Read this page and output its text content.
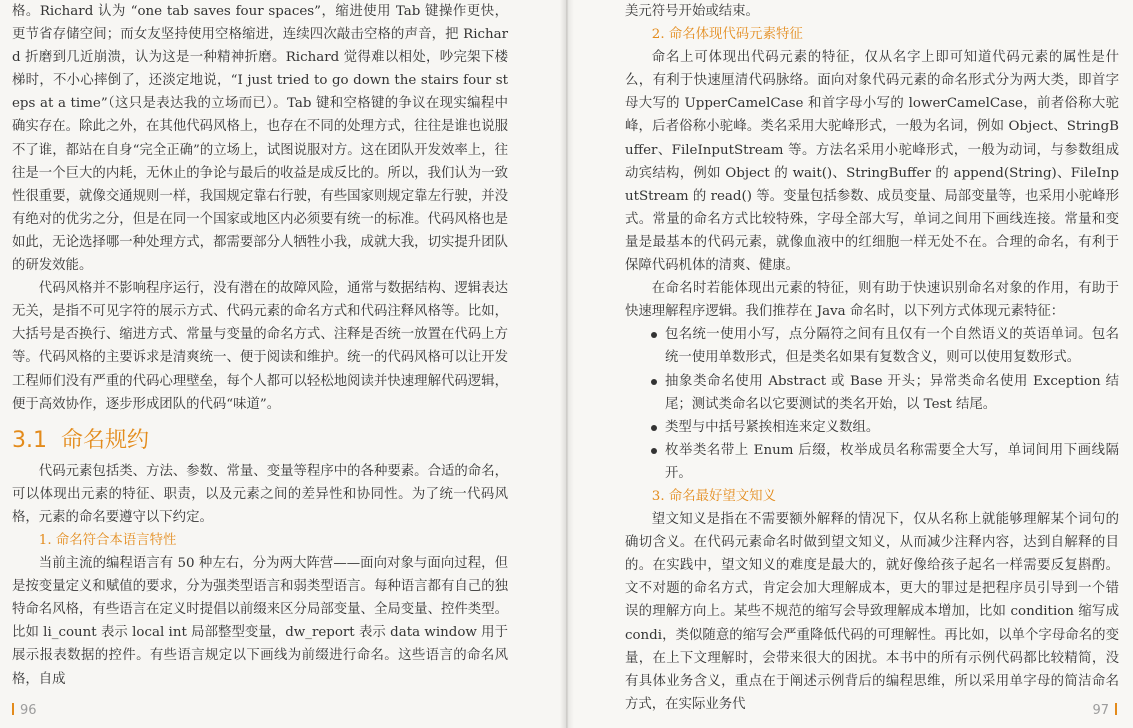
格。Richard 认为 “one tab saves four spaces”，缩进使用 Tab 键操作更快，更节省存储空间；而女友坚持使用空格缩进，连续四次敲击空格的声音，把 Richard 折磨到几近崩溃，认为这是一种精神折磨。Richard 觉得难以相处，吵完架下楼梯时，不小心摔倒了，还淡定地说，“I just tried to go down the stairs four steps at a time”（这只是表达我的立场而已）。Tab 键和空格键的争议在现实编程中确实存在。除此之外，在其他代码风格上，也存在不同的处理方式，往往是谁也说服不了谁，都站在自身“完全正确”的立场上，试图说服对方。这在团队开发效率上，往往是一个巨大的内耗，无休止的争论与最后的收益是成反比的。所以，我们认为一致性很重要，就像交通规则一样，我国规定靠右行驶，有些国家则规定靠左行驶，并没有绝对的优劣之分，但是在同一个国家或地区内必须要有统一的标准。代码风格也是如此，无论选择哪一种处理方式，都需要部分人牺牲小我，成就大我，切实提升团队的研发效能。

代码风格并不影响程序运行，没有潜在的故障风险，通常与数据结构、逻辑表达无关，是指不可见字符的展示方式、代码元素的命名方式和代码注释风格等。比如，大括号是否换行、缩进方式、常量与变量的命名方式、注释是否统一放置在代码上方等。代码风格的主要诉求是清爽统一、便于阅读和维护。统一的代码风格可以让开发工程师们没有严重的代码心理壁垒，每个人都可以轻松地阅读并快速理解代码逻辑，便于高效协作，逐步形成团队的代码“味道”。

3.1 命名规约

代码元素包括类、方法、参数、常量、变量等程序中的各种要素。合适的命名，可以体现出元素的特征、职责，以及元素之间的差异性和协同性。为了统一代码风格，元素的命名要遵守以下约定。

1. 命名符合本语言特性

当前主流的编程语言有 50 种左右，分为两大阵营——面向对象与面向过程，但是按变量定义和赋值的要求，分为强类型语言和弱类型语言。每种语言都有自己的独特命名风格，有些语言在定义时提倡以前缀来区分局部变量、全局变量、控件类型。比如 li_count 表示 local int 局部整型变量，dw_report 表示 data window 用于展示报表数据的控件。有些语言规定以下画线为前缀进行命名。这些语言的命名风格，自成

96

美元符号开始或结束。

2. 命名体现代码元素特征

命名上可体现出代码元素的特征，仅从名字上即可知道代码元素的属性是什么，有利于快速厘清代码脉络。面向对象代码元素的命名形式分为两大类，即首字母大写的 UpperCamelCase 和首字母小写的 lowerCamelCase，前者俗称大驼峰，后者俗称小驼峰。类名采用大驼峰形式，一般为名词，例如 Object、StringBuffer、FileInputStream 等。方法名采用小驼峰形式，一般为动词，与参数组成动宾结构，例如 Object 的 wait()、StringBuffer 的 append(String)、FileInputStream 的 read() 等。变量包括参数、成员变量、局部变量等，也采用小驼峰形式。常量的命名方式比较特殊，字母全部大写，单词之间用下画线连接。常量和变量是最基本的代码元素，就像血液中的红细胞一样无处不在。合理的命名，有利于保障代码机体的清爽、健康。

在命名时若能体现出元素的特征，则有助于快速识别命名对象的作用，有助于快速理解程序逻辑。我们推荐在 Java 命名时，以下列方式体现元素特征：

包名统一使用小写，点分隔符之间有且仅有一个自然语义的英语单词。包名统一使用单数形式，但是类名如果有复数含义，则可以使用复数形式。
抽象类命名使用 Abstract 或 Base 开头；异常类命名使用 Exception 结尾；测试类命名以它要测试的类名开始，以 Test 结尾。
类型与中括号紧挨相连来定义数组。
枚举类名带上 Enum 后缀，枚举成员名称需要全大写，单词间用下画线隔开。

3. 命名最好望文知义

望文知义是指在不需要额外解释的情况下，仅从名称上就能够理解某个词句的确切含义。在代码元素命名时做到望文知义，从而减少注释内容，达到自解释的目的。在实践中，望文知义的难度是最大的，就好像给孩子起名一样需要反复斟酌。文不对题的命名方式，肯定会加大理解成本，更大的罪过是把程序员引导到一个错误的理解方向上。某些不规范的缩写会导致理解成本增加，比如 condition 缩写成 condi，类似随意的缩写会严重降低代码的可理解性。再比如，以单个字母命名的变量，在上下文理解时，会带来很大的困扰。本书中的所有示例代码都比较精简，没有具体业务含义，重点在于阐述示例背后的编程思维，所以采用单字母的简洁命名方式，在实际业务代	97
